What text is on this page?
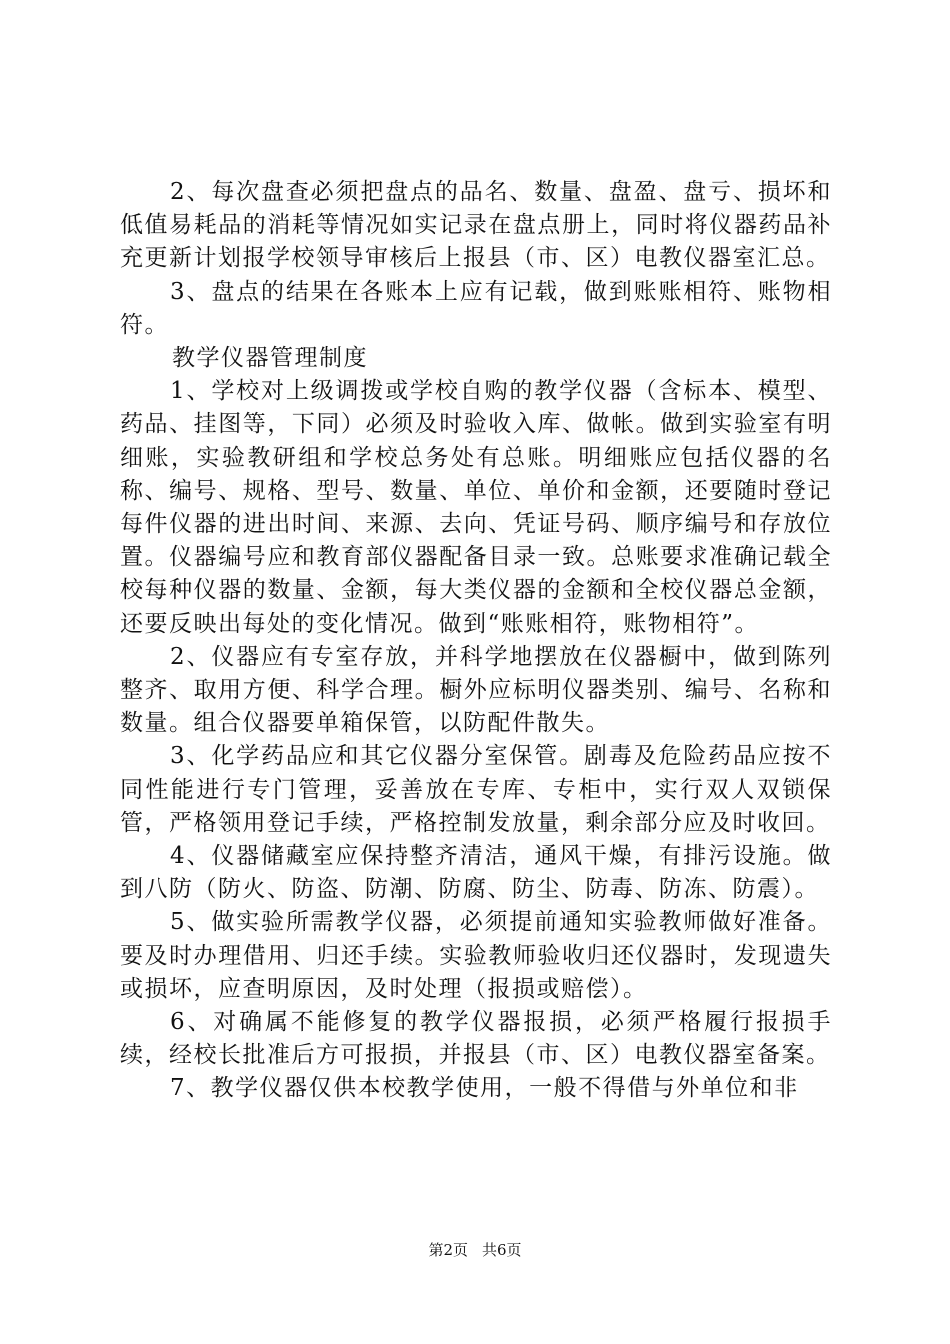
2、每次盘查必须把盘点的品名、数量、盘盈、盘亏、损坏和低值易耗品的消耗等情况如实记录在盘点册上，同时将仪器药品补充更新计划报学校领导审核后上报县（市、区）电教仪器室汇总。

3、盘点的结果在各账本上应有记载，做到账账相符、账物相符。

教学仪器管理制度

1、学校对上级调拨或学校自购的教学仪器（含标本、模型、药品、挂图等，下同）必须及时验收入库、做帐。做到实验室有明细账，实验教研组和学校总务处有总账。明细账应包括仪器的名称、编号、规格、型号、数量、单位、单价和金额，还要随时登记每件仪器的进出时间、来源、去向、凭证号码、顺序编号和存放位置。仪器编号应和教育部仪器配备目录一致。总账要求准确记载全校每种仪器的数量、金额，每大类仪器的金额和全校仪器总金额，还要反映出每处的变化情况。做到“账账相符，账物相符”。

2、仪器应有专室存放，并科学地摆放在仪器橱中，做到陈列整齐、取用方便、科学合理。橱外应标明仪器类别、编号、名称和数量。组合仪器要单箱保管，以防配件散失。

3、化学药品应和其它仪器分室保管。剧毒及危险药品应按不同性能进行专门管理，妥善放在专库、专柜中，实行双人双锁保管，严格领用登记手续，严格控制发放量，剩余部分应及时收回。

4、仪器储藏室应保持整齐清洁，通风干燥，有排污设施。做到八防（防火、防盗、防潮、防腐、防尘、防毒、防冻、防震）。

5、做实验所需教学仪器，必须提前通知实验教师做好准备。要及时办理借用、归还手续。实验教师验收归还仪器时，发现遗失或损坏，应查明原因，及时处理（报损或赔偿）。

6、对确属不能修复的教学仪器报损，必须严格履行报损手续，经校长批准后方可报损，并报县（市、区）电教仪器室备案。

7、教学仪器仅供本校教学使用，一般不得借与外单位和非

第2页 共6页
